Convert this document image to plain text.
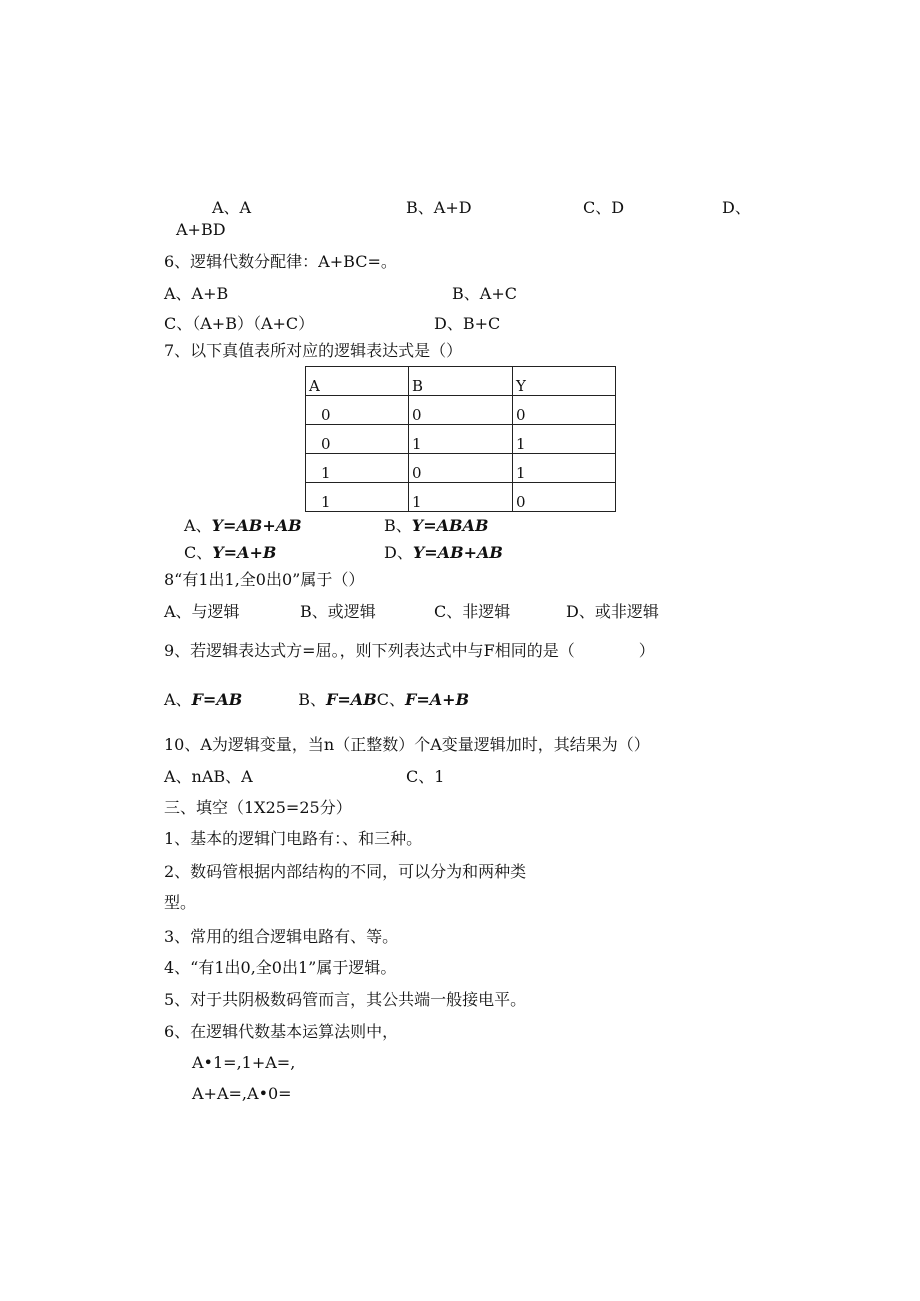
A、A	B、A+D	C、D	D、
A+BD
6、逻辑代数分配律：A+BC=。
A、A+B	B、A+C
C、（A+B）（A+C）	D、B+C
7、以下真值表所对应的逻辑表达式是（）
A	B	Y
0	0	0
0	1	1
1	0	1
1	1	0
A、Y=AB+AB	B、Y=ABAB
C、Y=A+B	D、Y=AB+AB
8“有1出1,全0出0”属于（）
A、与逻辑	B、或逻辑	C、非逻辑	D、或非逻辑
9、若逻辑表达式方=屈。，则下列表达式中与F相同的是（　　　　）
A、F=AB	B、F=ABC、F=A+B
10、A为逻辑变量，当n（正整数）个A变量逻辑加时，其结果为（）
A、nAB、A	C、1
三、填空（1X25=25分）
1、基本的逻辑门电路有：、和三种。
2、数码管根据内部结构的不同，可以分为和两种类
型。
3、常用的组合逻辑电路有、等。
4、“有1出0,全0出1”属于逻辑。
5、对于共阴极数码管而言，其公共端一般接电平。
6、在逻辑代数基本运算法则中，
A•1=,1+A=,
A+A=,A•0=
